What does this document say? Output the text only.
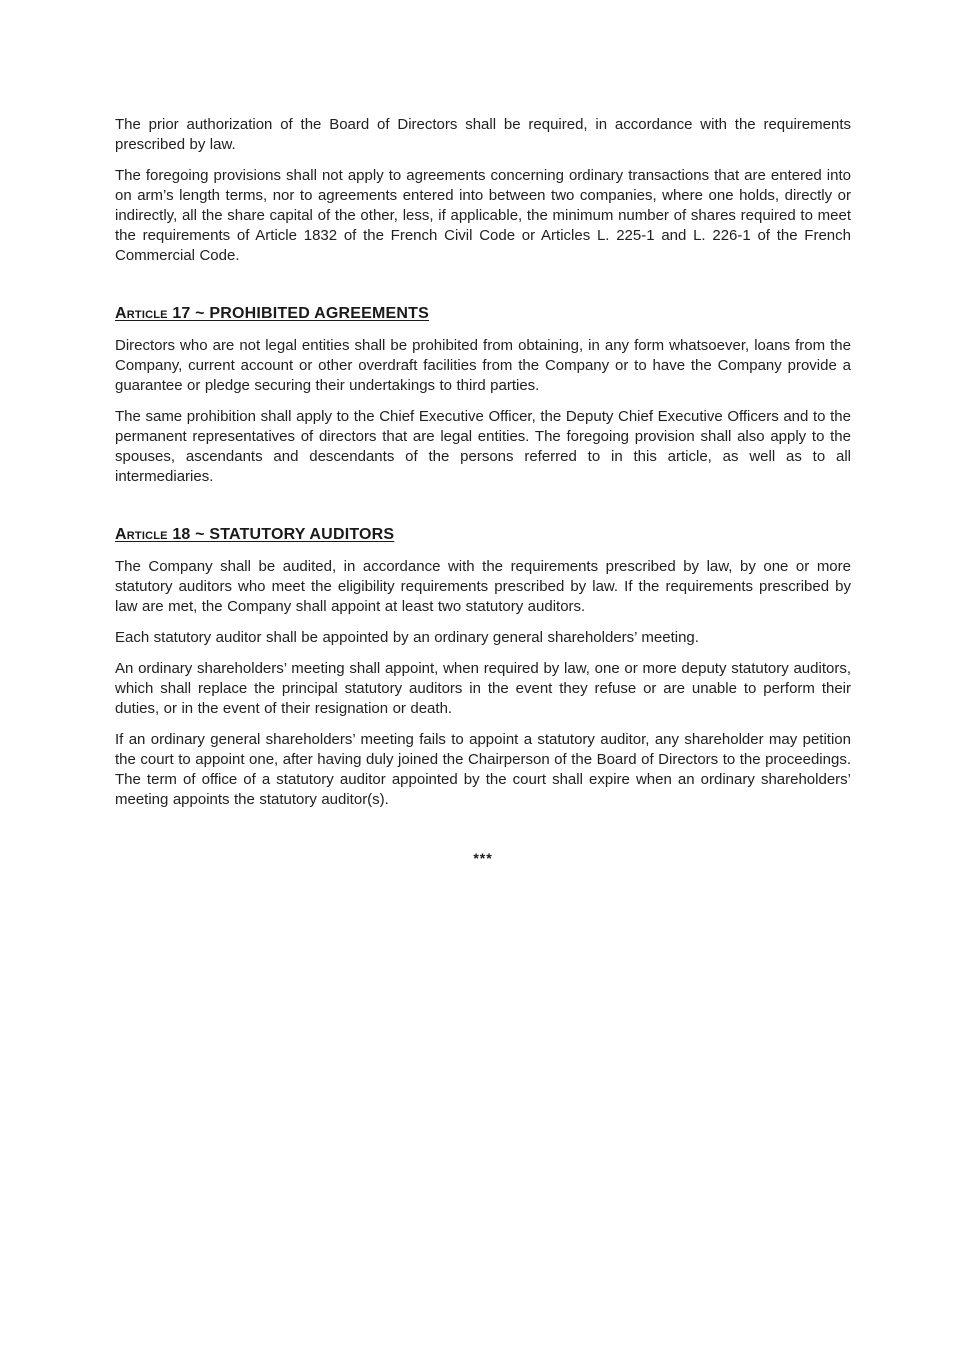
The prior authorization of the Board of Directors shall be required, in accordance with the requirements prescribed by law.

The foregoing provisions shall not apply to agreements concerning ordinary transactions that are entered into on arm’s length terms, nor to agreements entered into between two companies, where one holds, directly or indirectly, all the share capital of the other, less, if applicable, the minimum number of shares required to meet the requirements of Article 1832 of the French Civil Code or Articles L. 225-1 and L. 226-1 of the French Commercial Code.

Article 17 ~ PROHIBITED AGREEMENTS

Directors who are not legal entities shall be prohibited from obtaining, in any form whatsoever, loans from the Company, current account or other overdraft facilities from the Company or to have the Company provide a guarantee or pledge securing their undertakings to third parties.

The same prohibition shall apply to the Chief Executive Officer, the Deputy Chief Executive Officers and to the permanent representatives of directors that are legal entities. The foregoing provision shall also apply to the spouses, ascendants and descendants of the persons referred to in this article, as well as to all intermediaries.

Article 18 ~ STATUTORY AUDITORS

The Company shall be audited, in accordance with the requirements prescribed by law, by one or more statutory auditors who meet the eligibility requirements prescribed by law. If the requirements prescribed by law are met, the Company shall appoint at least two statutory auditors.

Each statutory auditor shall be appointed by an ordinary general shareholders’ meeting.

An ordinary shareholders’ meeting shall appoint, when required by law, one or more deputy statutory auditors, which shall replace the principal statutory auditors in the event they refuse or are unable to perform their duties, or in the event of their resignation or death.

If an ordinary general shareholders’ meeting fails to appoint a statutory auditor, any shareholder may petition the court to appoint one, after having duly joined the Chairperson of the Board of Directors to the proceedings. The term of office of a statutory auditor appointed by the court shall expire when an ordinary shareholders’ meeting appoints the statutory auditor(s).

***
